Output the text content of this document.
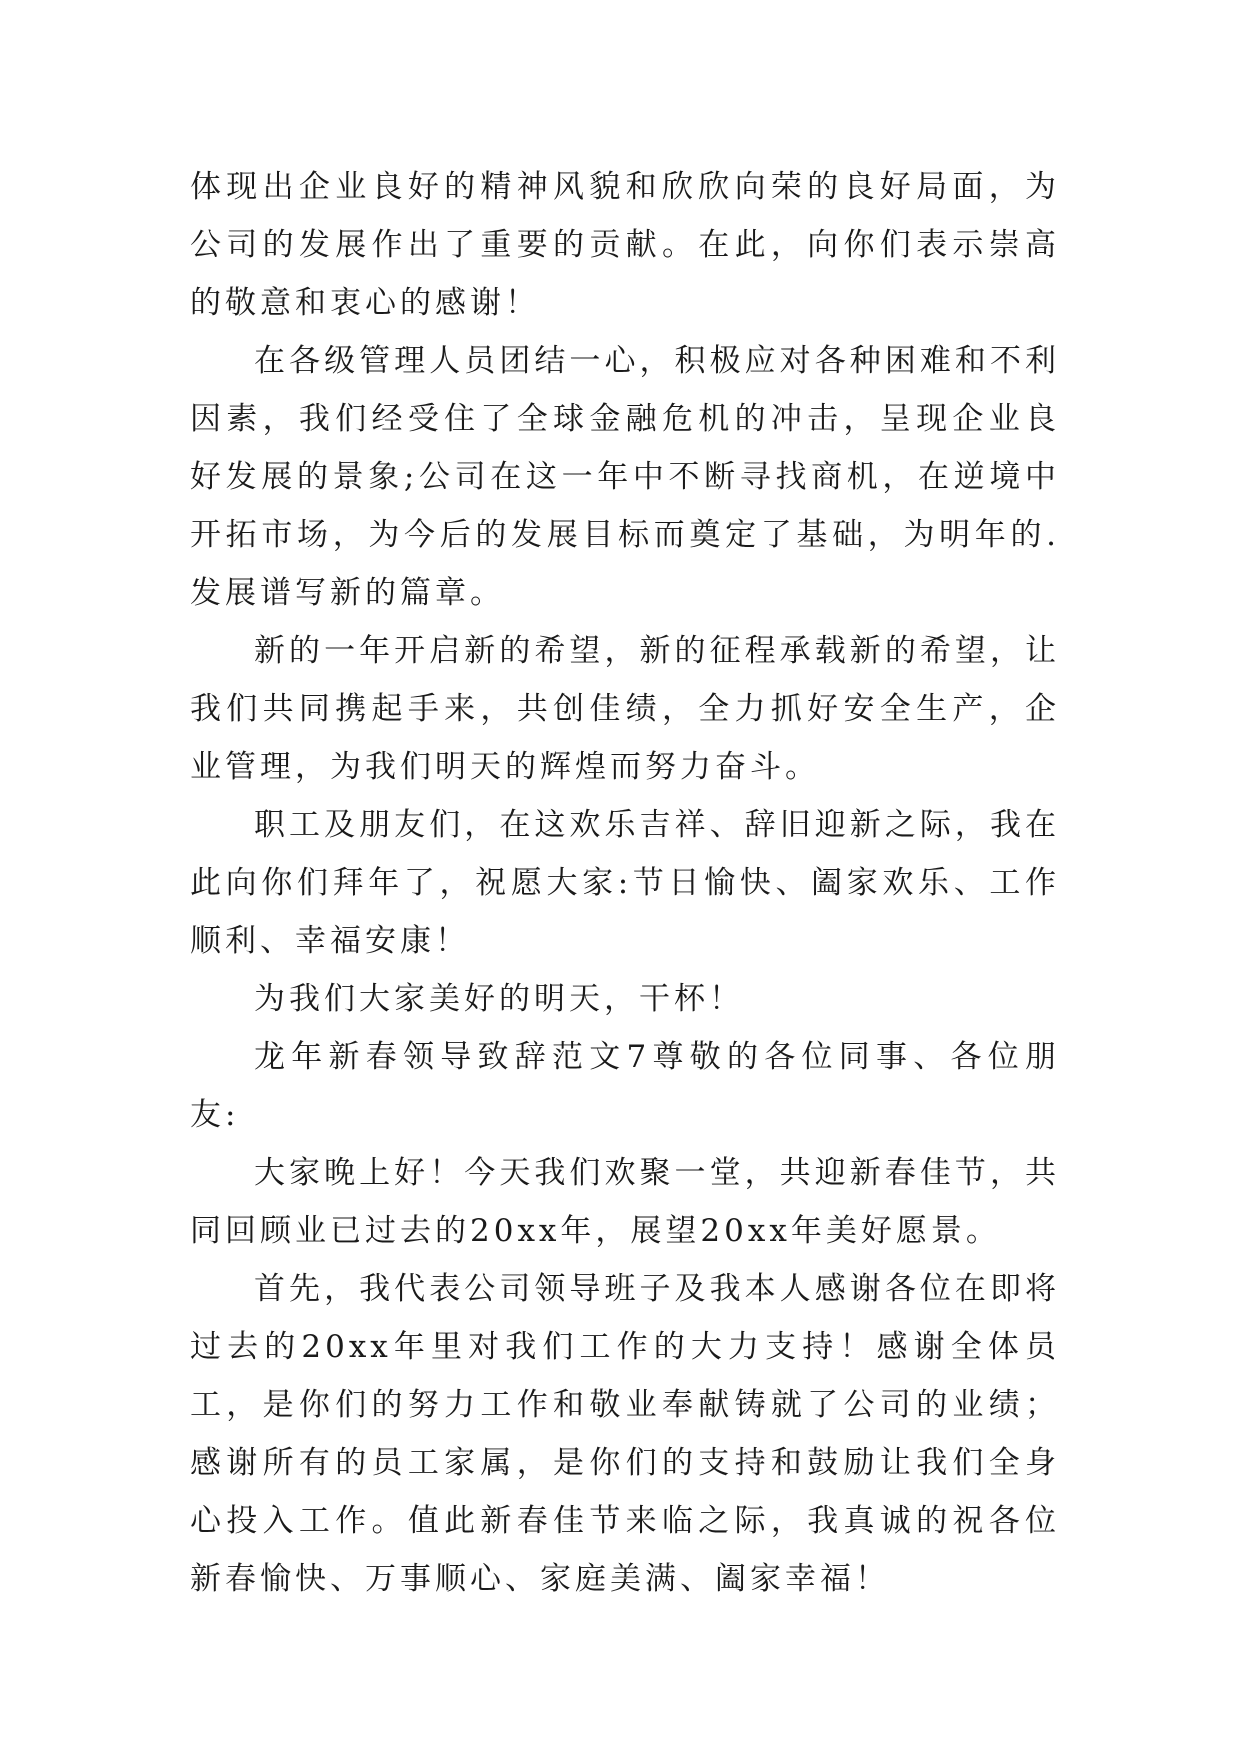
体现出企业良好的精神风貌和欣欣向荣的良好局面，为公司的发展作出了重要的贡献。在此，向你们表示崇高的敬意和衷心的感谢！

在各级管理人员团结一心，积极应对各种困难和不利因素，我们经受住了全球金融危机的冲击，呈现企业良好发展的景象;公司在这一年中不断寻找商机，在逆境中开拓市场，为今后的发展目标而奠定了基础，为明年的.发展谱写新的篇章。

新的一年开启新的希望，新的征程承载新的希望，让我们共同携起手来，共创佳绩，全力抓好安全生产，企业管理，为我们明天的辉煌而努力奋斗。

职工及朋友们，在这欢乐吉祥、辞旧迎新之际，我在此向你们拜年了，祝愿大家:节日愉快、阖家欢乐、工作顺利、幸福安康！

为我们大家美好的明天，干杯！

龙年新春领导致辞范文7尊敬的各位同事、各位朋友:

大家晚上好！今天我们欢聚一堂，共迎新春佳节，共同回顾业已过去的20xx年，展望20xx年美好愿景。

首先，我代表公司领导班子及我本人感谢各位在即将过去的20xx年里对我们工作的大力支持！感谢全体员工，是你们的努力工作和敬业奉献铸就了公司的业绩；感谢所有的员工家属，是你们的支持和鼓励让我们全身心投入工作。值此新春佳节来临之际，我真诚的祝各位新春愉快、万事顺心、家庭美满、阖家幸福！
